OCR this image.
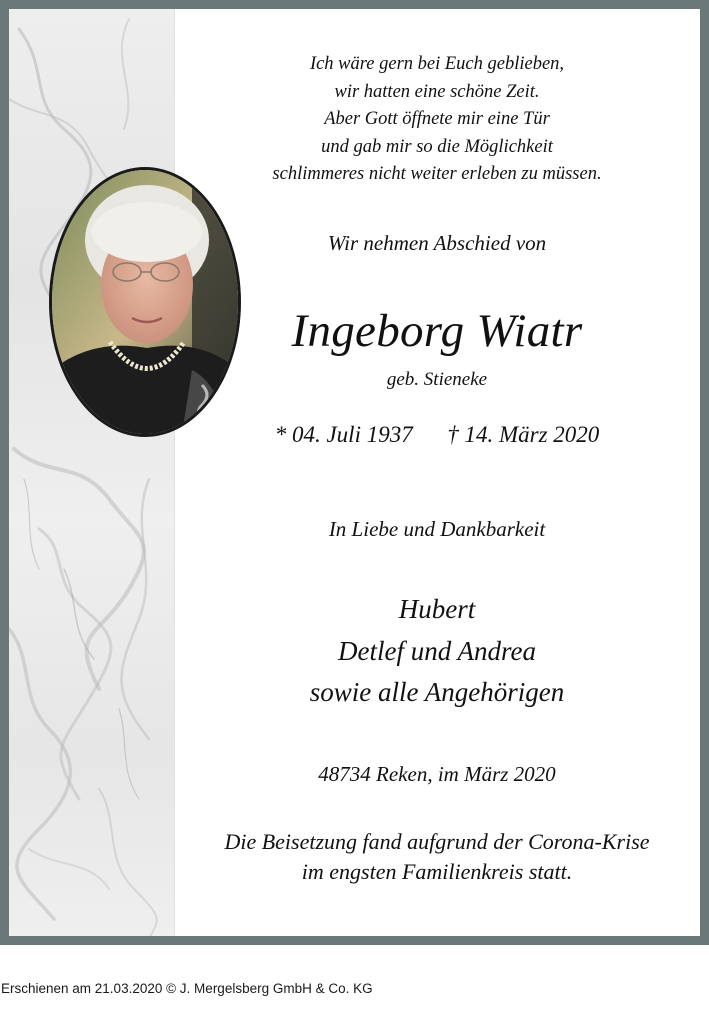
Ich wäre gern bei Euch geblieben,
wir hatten eine schöne Zeit.
Aber Gott öffnete mir eine Tür
und gab mir so die Möglichkeit
schlimmeres nicht weiter erleben zu müssen.
Wir nehmen Abschied von
Ingeborg Wiatr
geb. Stieneke
* 04. Juli 1937      † 14. März 2020
In Liebe und Dankbarkeit
Hubert
Detlef und Andrea
sowie alle Angehörigen
48734 Reken, im März 2020
Die Beisetzung fand aufgrund der Corona-Krise
im engsten Familienkreis statt.
Erschienen am 21.03.2020 © J. Mergelsberg GmbH & Co. KG
